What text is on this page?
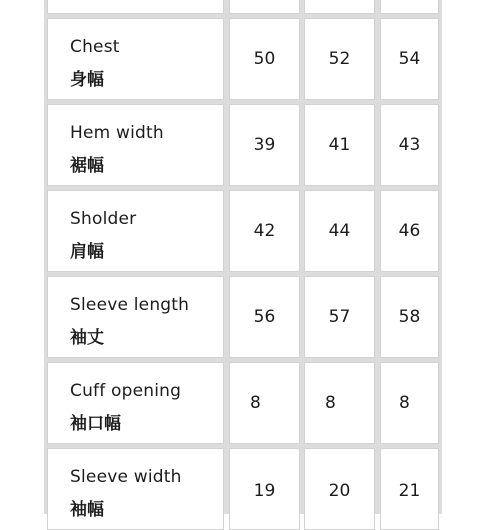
Chest
身幅
50	52	54
Hem width
裾幅
39	41	43
Sholder
肩幅
42	44	46
Sleeve length
袖丈
56	57	58
Cuff opening
袖口幅
8	8	8
Sleeve width
袖幅
19	20	21
